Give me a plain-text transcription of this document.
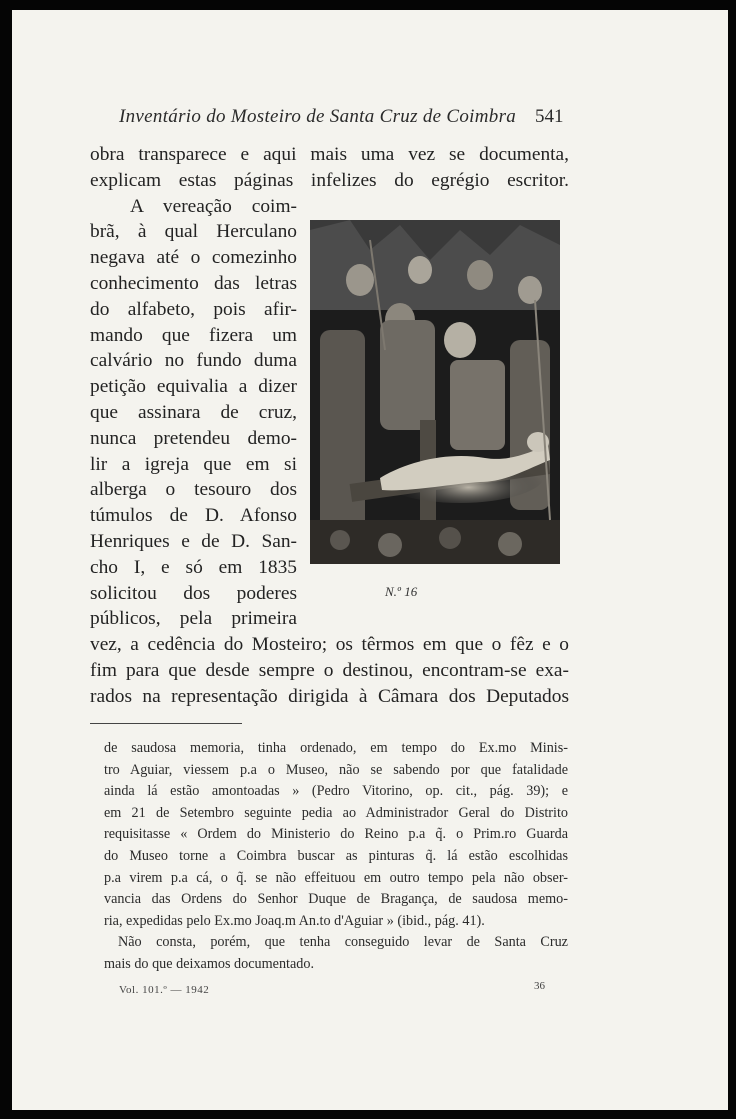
Inventário do Mosteiro de Santa Cruz de Coimbra 541
obra transparece e aqui mais uma vez se documenta,
explicam estas páginas infelizes do egrégio escritor.
A vereação coim-
brã, à qual Herculano
negava até o comezinho
conhecimento das letras
do alfabeto, pois afir-
mando que fizera um
calvário no fundo duma
petição equivalia a dizer
que assinara de cruz,
nunca pretendeu demo-
lir a igreja que em si
alberga o tesouro dos
túmulos de D. Afonso
Henriques e de D. San-
cho I, e só em 1835
solicitou dos poderes
públicos, pela primeira
vez, a cedência do Mosteiro; os têrmos em que o fêz e o
fim para que desde sempre o destinou, encontram-se exa-
rados na representação dirigida à Câmara dos Deputados
N.º 16
de saudosa memoria, tinha ordenado, em tempo do Ex.mo Minis-
tro Aguiar, viessem p.a o Museo, não se sabendo por que fatalidade
ainda lá estão amontoadas » (Pedro Vitorino, op. cit., pág. 39); e
em 21 de Setembro seguinte pedia ao Administrador Geral do Distrito
requisitasse « Ordem do Ministerio do Reino p.a q̃. o Prim.ro Guarda
do Museo torne a Coimbra buscar as pinturas q̃. lá estão escolhidas
p.a virem p.a cá, o q̃. se não effeituou em outro tempo pela não obser-
vancia das Ordens do Senhor Duque de Bragança, de saudosa memo-
ria, expedidas pelo Ex.mo Joaq.m An.to d'Aguiar » (ibid., pág. 41).
Não consta, porém, que tenha conseguido levar de Santa Cruz
mais do que deixamos documentado.
Vol. 101.º — 1942	36
